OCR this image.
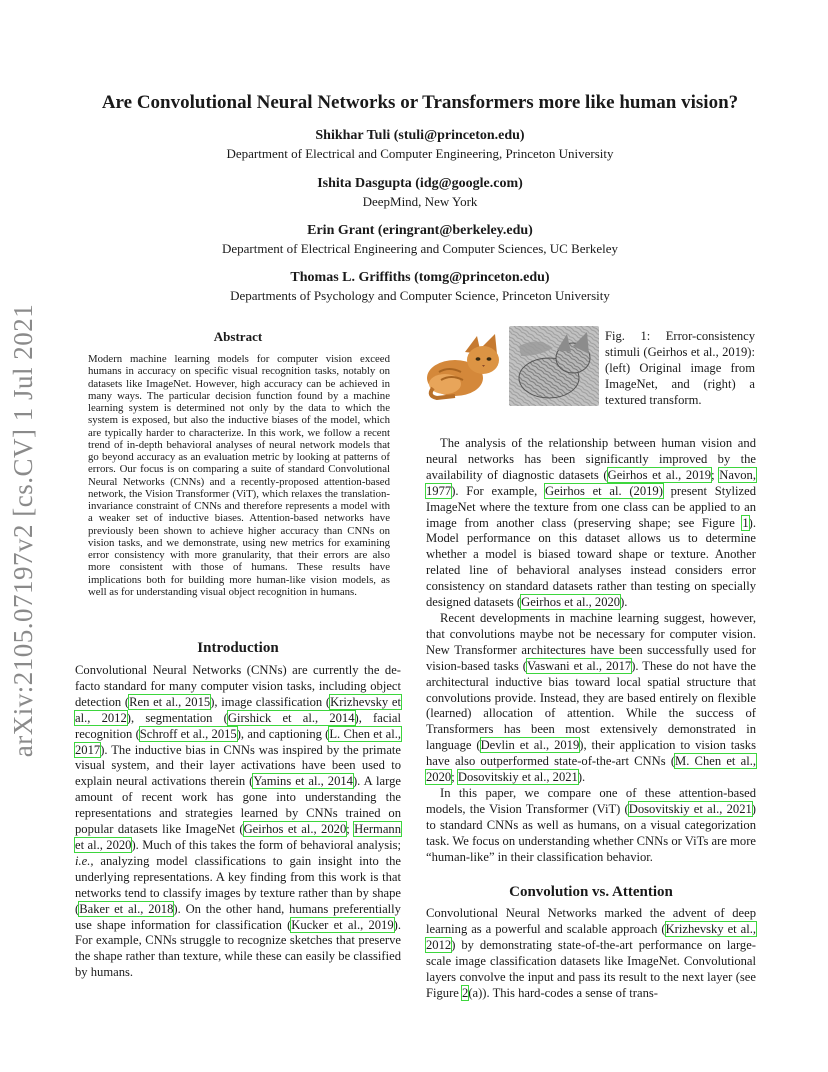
arXiv:2105.07197v2 [cs.CV] 1 Jul 2021
Are Convolutional Neural Networks or Transformers more like human vision?
Shikhar Tuli (stuli@princeton.edu)
Department of Electrical and Computer Engineering, Princeton University
Ishita Dasgupta (idg@google.com)
DeepMind, New York
Erin Grant (eringrant@berkeley.edu)
Department of Electrical Engineering and Computer Sciences, UC Berkeley
Thomas L. Griffiths (tomg@princeton.edu)
Departments of Psychology and Computer Science, Princeton University
Abstract

Modern machine learning models for computer vision exceed humans in accuracy on specific visual recognition tasks, notably on datasets like ImageNet. However, high accuracy can be achieved in many ways. The particular decision function found by a machine learning system is determined not only by the data to which the system is exposed, but also the inductive biases of the model, which are typically harder to characterize. In this work, we follow a recent trend of in-depth behavioral analyses of neural network models that go beyond accuracy as an evaluation metric by looking at patterns of errors. Our focus is on comparing a suite of standard Convolutional Neural Networks (CNNs) and a recently-proposed attention-based network, the Vision Transformer (ViT), which relaxes the translation-invariance constraint of CNNs and therefore represents a model with a weaker set of inductive biases. Attention-based networks have previously been shown to achieve higher accuracy than CNNs on vision tasks, and we demonstrate, using new metrics for examining error consistency with more granularity, that their errors are also more consistent with those of humans. These results have implications both for building more human-like vision models, as well as for understanding visual object recognition in humans.

Introduction

Convolutional Neural Networks (CNNs) are currently the de-facto standard for many computer vision tasks, including object detection (Ren et al., 2015), image classification (Krizhevsky et al., 2012), segmentation (Girshick et al., 2014), facial recognition (Schroff et al., 2015), and captioning (L. Chen et al., 2017). The inductive bias in CNNs was inspired by the primate visual system, and their layer activations have been used to explain neural activations therein (Yamins et al., 2014). A large amount of recent work has gone into understanding the representations and strategies learned by CNNs trained on popular datasets like ImageNet (Geirhos et al., 2020; Hermann et al., 2020). Much of this takes the form of behavioral analysis; i.e., analyzing model classifications to gain insight into the underlying representations. A key finding from this work is that networks tend to classify images by texture rather than by shape (Baker et al., 2018). On the other hand, humans preferentially use shape information for classification (Kucker et al., 2019). For example, CNNs struggle to recognize sketches that preserve the shape rather than texture, while these can easily be classified by humans.

Fig. 1: Error-consistency stimuli (Geirhos et al., 2019): (left) Original image from ImageNet, and (right) a textured transform.

The analysis of the relationship between human vision and neural networks has been significantly improved by the availability of diagnostic datasets (Geirhos et al., 2019; Navon, 1977). For example, Geirhos et al. (2019) present Stylized ImageNet where the texture from one class can be applied to an image from another class (preserving shape; see Figure 1). Model performance on this dataset allows us to determine whether a model is biased toward shape or texture. Another related line of behavioral analyses instead considers error consistency on standard datasets rather than testing on specially designed datasets (Geirhos et al., 2020).

Recent developments in machine learning suggest, however, that convolutions maybe not be necessary for computer vision. New Transformer architectures have been successfully used for vision-based tasks (Vaswani et al., 2017). These do not have the architectural inductive bias toward local spatial structure that convolutions provide. Instead, they are based entirely on flexible (learned) allocation of attention. While the success of Transformers has been most extensively demonstrated in language (Devlin et al., 2019), their application to vision tasks have also outperformed state-of-the-art CNNs (M. Chen et al., 2020; Dosovitskiy et al., 2021).

In this paper, we compare one of these attention-based models, the Vision Transformer (ViT) (Dosovitskiy et al., 2021) to standard CNNs as well as humans, on a visual categorization task. We focus on understanding whether CNNs or ViTs are more “human-like” in their classification behavior.

Convolution vs. Attention

Convolutional Neural Networks marked the advent of deep learning as a powerful and scalable approach (Krizhevsky et al., 2012) by demonstrating state-of-the-art performance on large-scale image classification datasets like ImageNet. Convolutional layers convolve the input and pass its result to the next layer (see Figure 2(a)). This hard-codes a sense of trans-
